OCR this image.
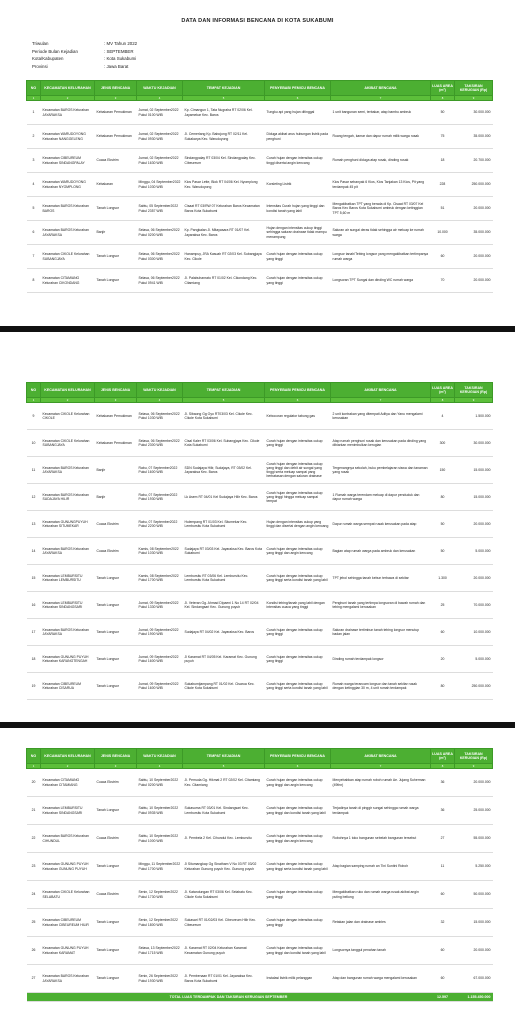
DATA DAN INFORMASI BENCANA DI KOTA SUKABUMI
Triwulan	: MV Tahun 2022
Periode Bulan Kejadian	: SEPTEMBER
Kota/Kabupaten	: Kota Sukabumi
Provinsi	: Jawa Barat
NO	KECAMATAN KELURAHAN	JENIS BENCANA	WAKTU KEJADIAN	TEMPAT KEJADIAN	PENYEBAB/ PEMICU BENCANA	AKIBAT BENCANA	LUAS AREA (m²)	TAKSIRAN KERUGIAN (Rp)
1	2	3	4	5	6	7	8	9
1	Kecamatan BAROS Kelurahan JAYARAKSA	Kebakaran Pemukiman	Jumat, 02 September2022 Pukul 0100 WIB	Kp. Cimangun 1, Tata Nugraha RT 02/06 Kel. Jayamekar Kec. Baros	Tungku api yang hujan ditinggal	1 unit bangunan semi, terbakar, atap bambu ambruk	50	30.000.000
2	Kecamatan WARUDOYONG Kelurahan NANGGELENG	Kebakaran Pemukiman	Jumat, 02 September2022 Pukul 0930 WIB	Jl. Cemerlang Kp. Babojong RT 02/11 Kel. Sukakarya Kec. Warudoyong	Diduga akibat arus hubungan listrik pada penghuni	Ruang tengah, kamar dan dapur rumah milik warga rusak	75	35.000.000
3	Kecamatan CIBEUREUM Kelurahan SINDANGPALAY	Cuaca Ekstrim	Jumat, 02 September2022 Pukul 1630 WIB	Sindangpalay RT 03/04 Kel. Sindangpalay Kec. Cibeureum	Curah hujan dengan intensitas cukup tinggi disertai angin kencang	Rumah penghuni diduga atap rusak, dinding rusak	18	20.700.000
4	Kecamatan WARUDOYONG Kelurahan NYOMPLONG	Kebakaran	Minggu, 04 September2022 Pukul 1030 WIB	Kios Pasar Lette, Blok RT 04/06 Kel. Nyomplong Kec. Warudoyong	Korsleting Listrik	Kios Pasar sebanyak 6 Kios, Kios Tanjakan 13 Kios, Pit yang terdampak 45 pit	228	250.000.000
5	Kecamatan BAROS Kelurahan BAROS	Tanah Longsor	Sabtu, 05 September2022 Pukul 2357 WIB	Cisaat RT 03/RW 07 Kelurahan Baros Kecamatan Baros Kota Sukabumi	Intensitas Curah hujan yang tinggi dan kondisi tanah yang labil	Mengakibatkan TPT yang berada di Kp. Cisaat RT 03/07 Kel Baros Kec Baros Kota Sukabumi ambruk dengan ketinggian TPT 5,60 m	51	20.000.000
6	Kecamatan BAROS Kelurahan JAYARAKSA	Banjir	Selasa, 06 September2022 Pukul 0200 WIB	Kp. Pangkalan Jl. Mitayasara RT 01/07 Kel. Jayaraksa Kec. Baros	Hujan dengan intensitas cukup tinggi sehingga saluran drainase tidak mampu menampung	Saluran air sungai deras tidak sehingga air meluap ke rumah warga	10.000	35.000.000
7	Kecamatan CIKOLE Kelurahan SUBANGJAYA	Tanah Longsor	Selasa, 06 September2022 Pukul 0300 WIB	Hanampuy, JRA Kasuah RT 02/03 Kel. Subangjaya Kec. Cikole	Curah hujan dengan intensitas cukup yang tinggi	Longsor tanah/Tebing longsor yang mengakibatkan tertimpanya rumah warga	60	20.000.000
8	Kecamatan CITAMIANG Kelurahan CIKONDANG	Tanah Longsor	Selasa, 06 September2022 Pukul 0941 WIB	Jl. Palabuhanratu RT 01/02 Kel. Cikondang Kec. Citamiang	Curah hujan dengan intensitas cukup yang tinggi	Longsoran TPT Sungai dan dinding WC rumah warga	70	20.000.000
NO	KECAMATAN KELURAHAN	JENIS BENCANA	WAKTU KEJADIAN	TEMPAT KEJADIAN	PENYEBAB/ PEMICU BENCANA	AKIBAT BENCANA	LUAS AREA (m²)	TAKSIRAN KERUGIAN (Rp)
1	2	3	4	5	6	7	8	9
9	Kecamatan CIKOLE Kelurahan CIKOLE	Kebakaran Pemukiman	Selasa, 06 September2022 Pukul 1030 WIB	Jl. Sibaong Gg Oyo RT03/03 Kel. Cikole Kec. Cikole Kota Sukabumi	Kebocoran regulator tabung gas	2 unit kontrakan yang ditempati Aditya dan Yanu mengalami kerusakan	4	1.500.000
10	Kecamatan CIKOLE Kelurahan SUBANGJAYA	Kebakaran Pemukiman	Selasa, 06 September2022 Pukul 2300 WIB	Cisal Kaler RT 03/06 Kel. Subangjaya Kec. Cikole Kota Sukabumi	Curah hujan dengan intensitas cukup yang tinggi	Atap rumah penghuni rusak dan kerusakan pada dinding yang dibiarkan menimbulkan kerugian	300	30.000.000
11	Kecamatan BAROS Kelurahan JAYARAKSA	Banjir	Rabu, 07 September2022 Pukul 1600 WIB	SDN Sudajaya Hilir, Sudajaya, RT 03/02 Kel. Jayaraksa Kec. Baros	Curah hujan dengan intensitas cukup yang tinggi dan debit air sungai yang tinggi serta meluap sampai yang berbatasan dengan saluran drainase	Tergenangnya sekolah, buku pembelajaran siswa dan tanaman yang rusak	150	15.000.000
12	Kecamatan BAROS Kelurahan SUDAJAYA HILIR	Banjir	Rabu, 07 September2022 Pukul 1930 WIB	Lk Asem RT 04/01 Kel Sudajaya Hilir Kec. Baros	Curah hujan dengan intensitas cukup yang tinggi hingga meluap sampai tempat	1 Rumah warga terendam meluap di dapur penduduk dan dapur rumah warga	80	15.000.000
13	Kecamatan GUNUNGPUYUH Kelurahan SITUMEKAR	Cuaca Ekstrim	Rabu, 07 September2022 Pukul 2200 WIB	Hulempang RT 01/03 Kel. Situmekar Kec. Lembursitu Kota Sukabumi	Hujan dengan intensitas cukup yang tinggi dan disertai dengan angin kencang	Dapur rumah warga sempat rusak kerusakan pada atap	50	20.000.000
14	Kecamatan BAROS Kelurahan JAYARAKSA	Cuaca Ekstrim	Kamis, 08 September2022 Pukul 1030 WIB	Sudajaya RT 03/03 Kel. Jayaraksa Kec. Baros Kota Sukabumi	Curah hujan dengan intensitas cukup yang tinggi dan angin kencang	Bagian atap rumah warga pada ambruk dan kerusakan	50	5.000.000
15	Kecamatan LEMBURSITU Kelurahan LEMBURSITU	Tanah Longsor	Kamis, 08 September2022 Pukul 1700 WIB	Lembursitu RT 03/06 Kel. Lembursitu Kec. Lembursitu Kota Sukabumi	Curah hujan dengan intensitas cukup yang tinggi serta kondisi tanah yang labil	TPT jebol sehingga tanah kebun terbawa di sekitar	1.300	20.000.000
16	Kecamatan LEMBURSITU Kelurahan SINDANGSARI	Tanah Longsor	Jumat, 09 September2022 Pukul 1330 WIB	Jl. Veteran Gg. Ahmad Dipaeni 1 No 14 RT 02/04 Kel. Sindangsari Kec. Gunung puyuh	Kondisi tebing/tanah yang labil dengan intensitas cuaca yang tinggi	Penghuni tanah yang tertimpa longsoran di bawah rumah dan tebing mengalami kerusakan	25	70.000.000
17	Kecamatan BAROS Kelurahan JAYARAKSA	Tanah Longsor	Jumat, 09 September2022 Pukul 1900 WIB	Sudajaya RT 04/02 Kel. Jayaraksa Kec. Baros	Curah hujan dengan intensitas cukup yang tinggi	Saluran drainase tertimbun tanah tebing longsor menutup badan jalan	60	10.000.000
18	Kecamatan GUNUNG PUYUH Kelurahan KARANGTENGAH	Tanah Longsor	Jumat, 09 September2022 Pukul 1600 WIB	Jl Karamat RT 04/05 Kel. Karamat Kec. Gunung puyuh	Curah hujan dengan intensitas cukup yang tinggi	Dinding rumah terdampak longsor	20	5.000.000
19	Kecamatan CIBEUREUM Kelurahan CISARUA	Tanah Longsor	Jumat, 09 September2022 Pukul 1600 WIB	Sukabumijampang RT 01/02 Kel. Cisarua Kec. Cikole Kota Sukabumi	Curah hujan dengan intensitas cukup yang tinggi serta kondisi tanah yang labil	Rumah warga terancam longsor dan tanah sekitar rusak dengan ketinggian 30 m, 4 unit rumah terdampak	80	250.000.000
NO	KECAMATAN KELURAHAN	JENIS BENCANA	WAKTU KEJADIAN	TEMPAT KEJADIAN	PENYEBAB/ PEMICU BENCANA	AKIBAT BENCANA	LUAS AREA (m²)	TAKSIRAN KERUGIAN (Rp)
1	2	3	4	5	6	7	8	9
20	Kecamatan CITAMIANG Kelurahan CITAMIANG	Cuaca Ekstrim	Sabtu, 10 September2022 Pukul 0200 WIB	Jl. Pemuda Gg. Hikmat 2 RT 02/02 Kel. Citamiang Kec. Citamiang	Curah hujan dengan intensitas cukup yang tinggi dan angin kencang	Menyebabkan atap rumah roboh rumah Ae. Jujang Suherman (49thn)	36	20.000.000
21	Kecamatan LEMBURSITU Kelurahan SINDANGSARI	Tanah Longsor	Sabtu, 10 September2022 Pukul 0935 WIB	Sukasuma RT 03/01 Kel. Sindangsari Kec. Lembursitu Kota Sukabumi	Curah hujan dengan intensitas cukup yang tinggi dan kondisi tanah yang labil	Terjadinya tanah di pinggir sungai sehingga rumah warga terdampak	36	25.000.000
22	Kecamatan BAROS Kelurahan CIHUNDUL	Cuaca Ekstrim	Sabtu, 10 September2022 Pukul 1000 WIB	Jl. Pembela 2 Kel. Cihundul Kec. Lembursitu	Curah hujan dengan intensitas cukup yang tinggi dan angin kencang	Robohnya 1 toko bangunan sebelah bangunan tersebut	27	55.000.000
23	Kecamatan GUNUNG PUYUH Kelurahan GUNUNG PUYUH	Tanah Longsor	Minggu, 11 September2022 Pukul 1700 WIB	Jl Situmangkap Gg Sinatham V No 03 RT 03/02 Kelurahan Gunung puyuh Kec. Gunung puyuh	Curah hujan dengan intensitas cukup yang tinggi serta kondisi tanah yang labil	Atap bagian samping rumah an Tini Suntini Roboh	11	5.250.000
24	Kecamatan CIKOLE Kelurahan SELABATU	Cuaca Ekstrim	Senin, 12 September2022 Pukul 1730 WIB	Jl. Katandungan RT 03/06 Kel. Selabatu Kec. Cikole Kota Sukabumi	Curah hujan dengan intensitas cukup yang tinggi	Mengakibatkan ruko dan rumah warga rusak akibat angin puting beliung	60	50.000.000
25	Kecamatan CIBEUREUM Kelurahan CIBEUREUM HILIR	Tanah Longsor	Senin, 12 September2022 Pukul 1800 WIB	Sukasari RT 01/02/03 Kel. Cibeureum Hilir Kec. Cibeureum	Curah hujan dengan intensitas cukup yang tinggi	Retakan jalan dan drainase ambles	32	15.000.000
26	Kecamatan GUNUNG PUYUH Kelurahan KARAMAT	Tanah Longsor	Selasa, 13 September2022 Pukul 1715 WIB	Jl. Karamat RT 02/04 Kelurahan Karamat Kecamatan Gunung puyuh	Curah hujan dengan intensitas cukup yang tinggi dan kondisi tanah yang labil	Longsornya tanggul penahan tanah	60	20.000.000
27	Kecamatan BAROS Kelurahan JAYARAKSA	Tanah Longsor	Senin, 26 September2022 Pukul 1930 WIB	Jl. Pembenaan RT 01/01 Kel. Jayaraksa Kec. Baros Kota Sukabumi	Instalasi listrik milik pelanggan	Atap dan bangunan rumah warga mengalami kerusakan	60	67.000.000
TOTAL LUAS TERDAMPAK DAN TAKSIRAN KERUGIAN SEPTEMBER							12.597	1.155.450.000
